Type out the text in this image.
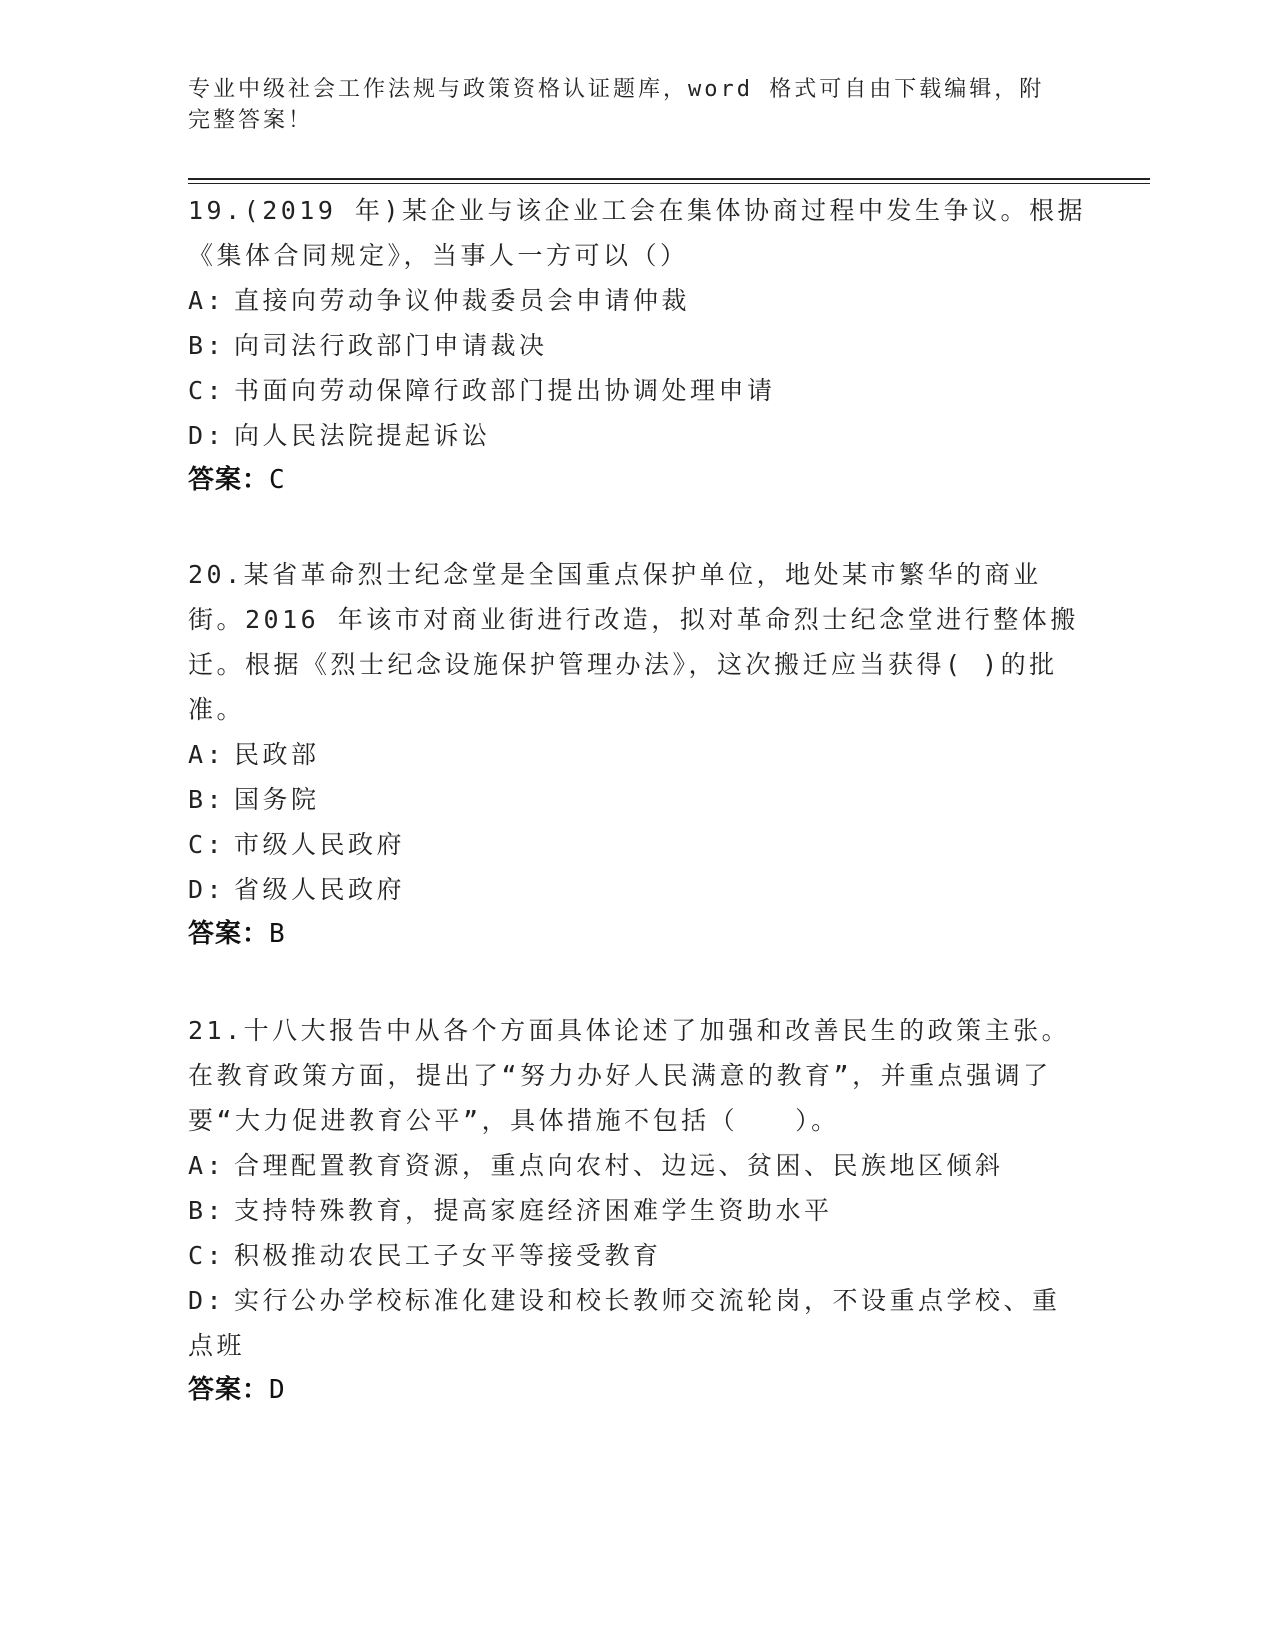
专业中级社会工作法规与政策资格认证题库，word 格式可自由下载编辑，附完整答案！

19.(2019 年)某企业与该企业工会在集体协商过程中发生争议。根据《集体合同规定》，当事人一方可以（）

A: 直接向劳动争议仲裁委员会申请仲裁

B: 向司法行政部门申请裁决

C: 书面向劳动保障行政部门提出协调处理申请

D: 向人民法院提起诉讼

答案：C

20.某省革命烈士纪念堂是全国重点保护单位，地处某市繁华的商业街。2016 年该市对商业街进行改造，拟对革命烈士纪念堂进行整体搬迁。根据《烈士纪念设施保护管理办法》，这次搬迁应当获得( )的批准。

A: 民政部

B: 国务院

C: 市级人民政府

D: 省级人民政府

答案：B

21.十八大报告中从各个方面具体论述了加强和改善民生的政策主张。在教育政策方面，提出了“努力办好人民满意的教育”，并重点强调了要“大力促进教育公平”，具体措施不包括（　　）。

A: 合理配置教育资源，重点向农村、边远、贫困、民族地区倾斜

B: 支持特殊教育，提高家庭经济困难学生资助水平

C: 积极推动农民工子女平等接受教育

D: 实行公办学校标准化建设和校长教师交流轮岗，不设重点学校、重点班

答案：D
